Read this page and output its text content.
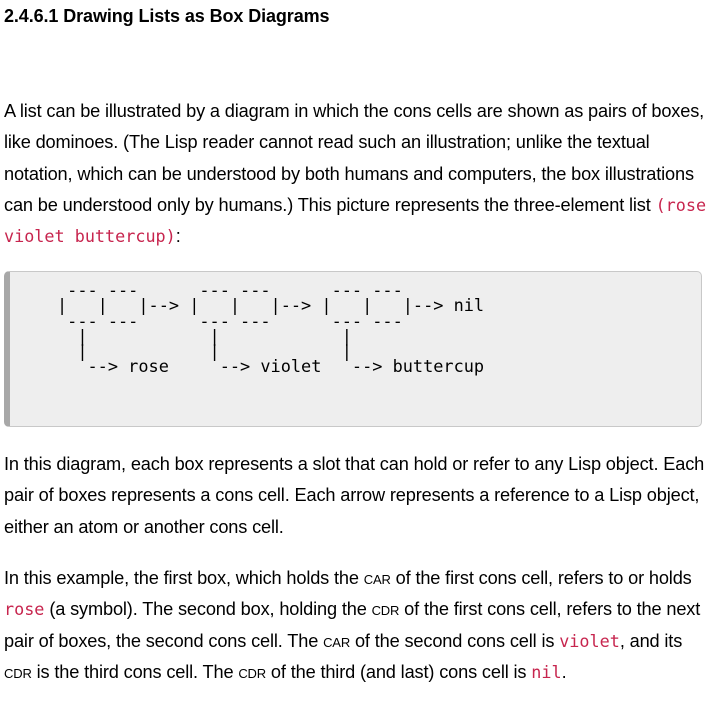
2.4.6.1 Drawing Lists as Box Diagrams

A list can be illustrated by a diagram in which the cons cells are shown as pairs of boxes, like dominoes. (The Lisp reader cannot read such an illustration; unlike the textual notation, which can be understood by both humans and computers, the box illustrations can be understood only by humans.) This picture represents the three-element list (rose violet buttercup):

--- ---      --- ---      --- ---
|   |   |--> |   |   |--> |   |   |--> nil
--- ---      --- ---      --- ---
|            |            |
|            |            |
--> rose     --> violet   --> buttercup

In this diagram, each box represents a slot that can hold or refer to any Lisp object. Each pair of boxes represents a cons cell. Each arrow represents a reference to a Lisp object, either an atom or another cons cell.

In this example, the first box, which holds the car of the first cons cell, refers to or holds rose (a symbol). The second box, holding the cdr of the first cons cell, refers to the next pair of boxes, the second cons cell. The car of the second cons cell is violet, and its cdr is the third cons cell. The cdr of the third (and last) cons cell is nil.
